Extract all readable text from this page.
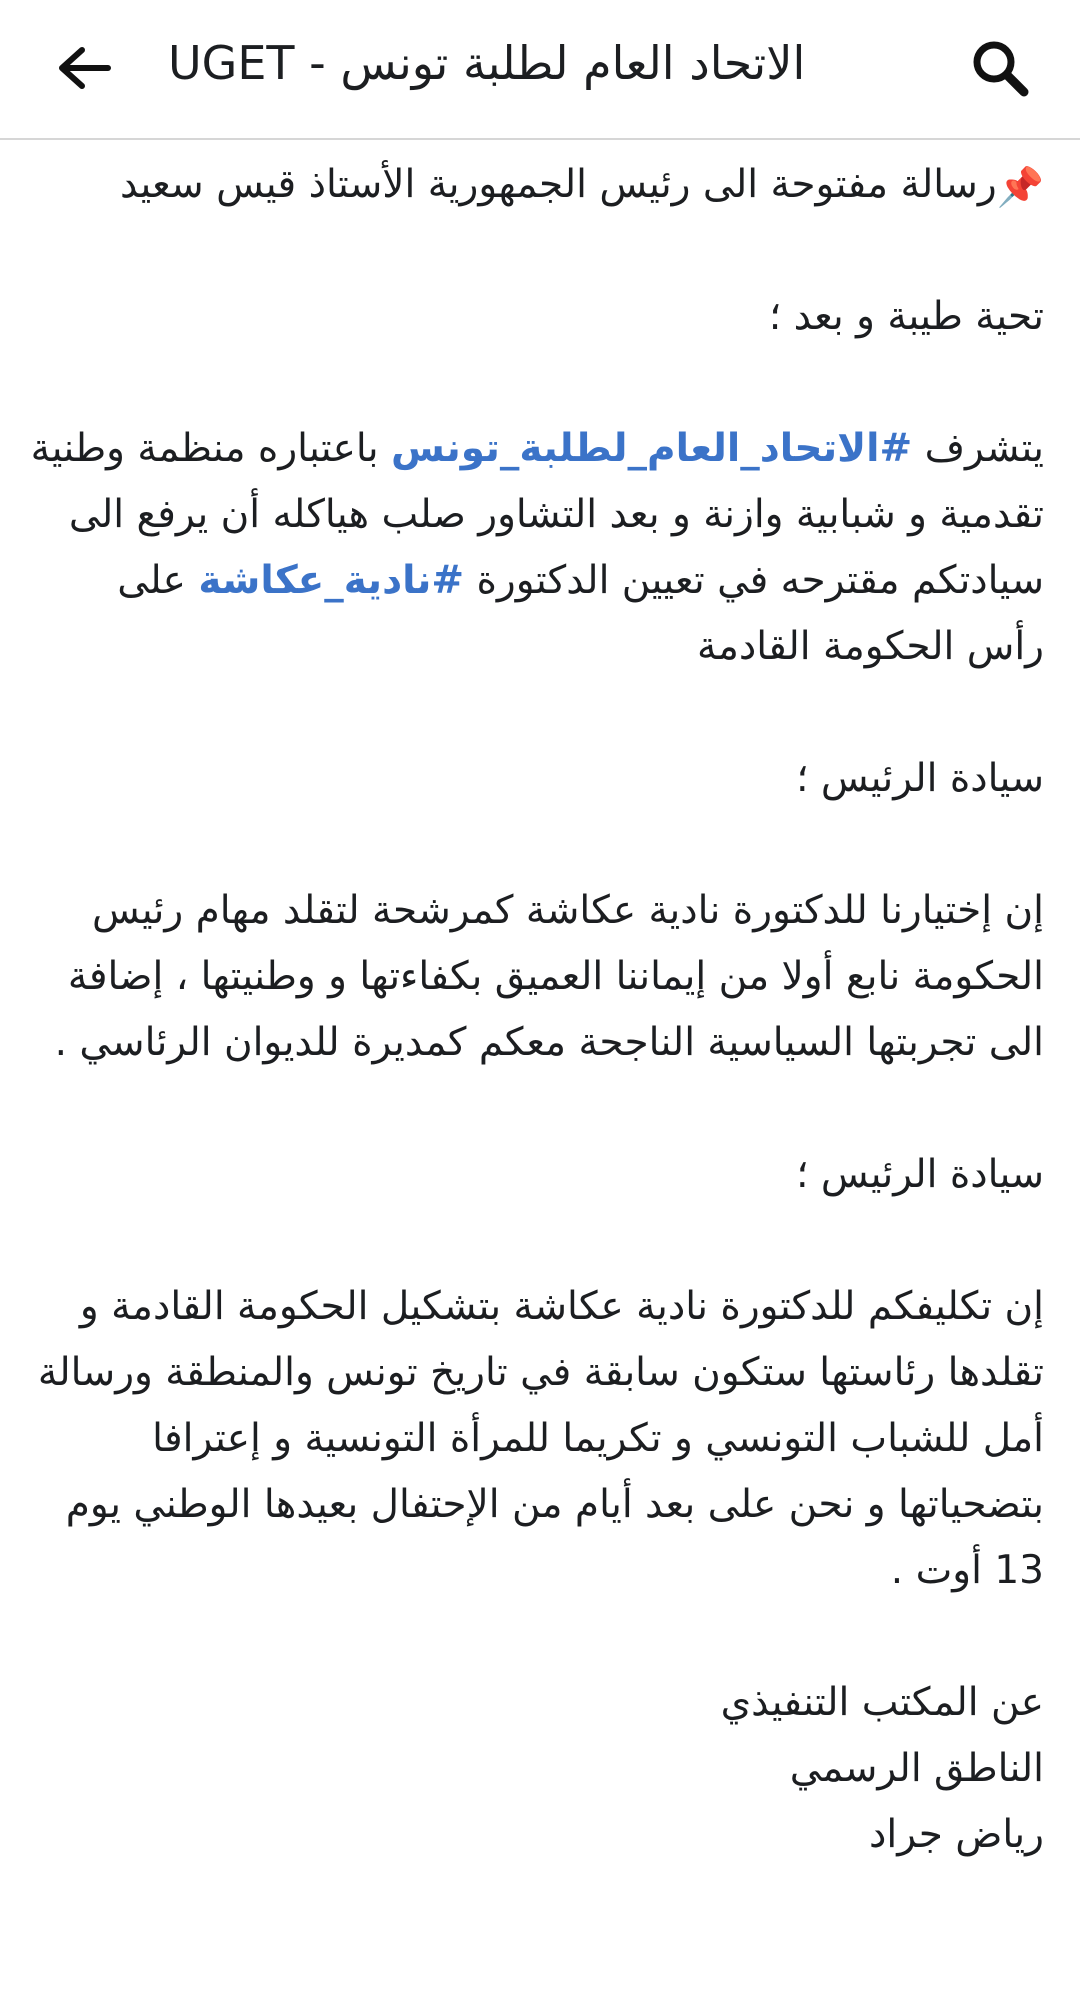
UGET - الاتحاد العام لطلبة تونس

📌رسالة مفتوحة الى رئيس الجمهورية الأستاذ قيس سعيد

تحية طيبة و بعد ؛

يتشرف #الاتحاد_العام_لطلبة_تونس باعتباره منظمة وطنية تقدمية و شبابية وازنة و بعد التشاور صلب هياكله أن يرفع الى سيادتكم مقترحه في تعيين الدكتورة #نادية_عكاشة على رأس الحكومة القادمة

سيادة الرئيس ؛

إن إختيارنا للدكتورة نادية عكاشة كمرشحة لتقلد مهام رئيس الحكومة نابع أولا من إيماننا العميق بكفاءتها و وطنيتها ، إضافة الى تجربتها السياسية الناجحة معكم كمديرة للديوان الرئاسي .

سيادة الرئيس ؛

إن تكليفكم للدكتورة نادية عكاشة بتشكيل الحكومة القادمة و تقلدها رئاستها ستكون سابقة في تاريخ تونس والمنطقة ورسالة أمل للشباب التونسي و تكريما للمرأة التونسية و إعترافا بتضحياتها و نحن على بعد أيام من الإحتفال بعيدها الوطني يوم 13 أوت .

عن المكتب التنفيذي

الناطق الرسمي

رياض جراد
